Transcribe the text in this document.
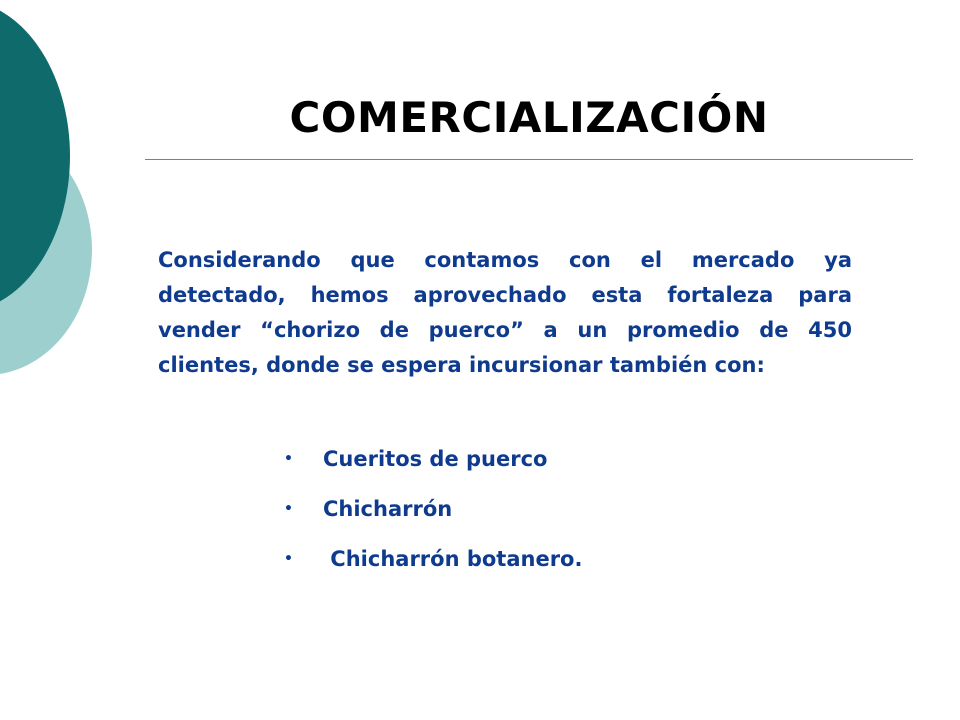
COMERCIALIZACIÓN

Considerando que contamos con el mercado ya detectado, hemos aprovechado esta fortaleza para vender “chorizo de puerco” a un promedio de 450 clientes, donde se espera incursionar también con:

•

Cueritos de puerco

•

Chicharrón

•

Chicharrón botanero.
